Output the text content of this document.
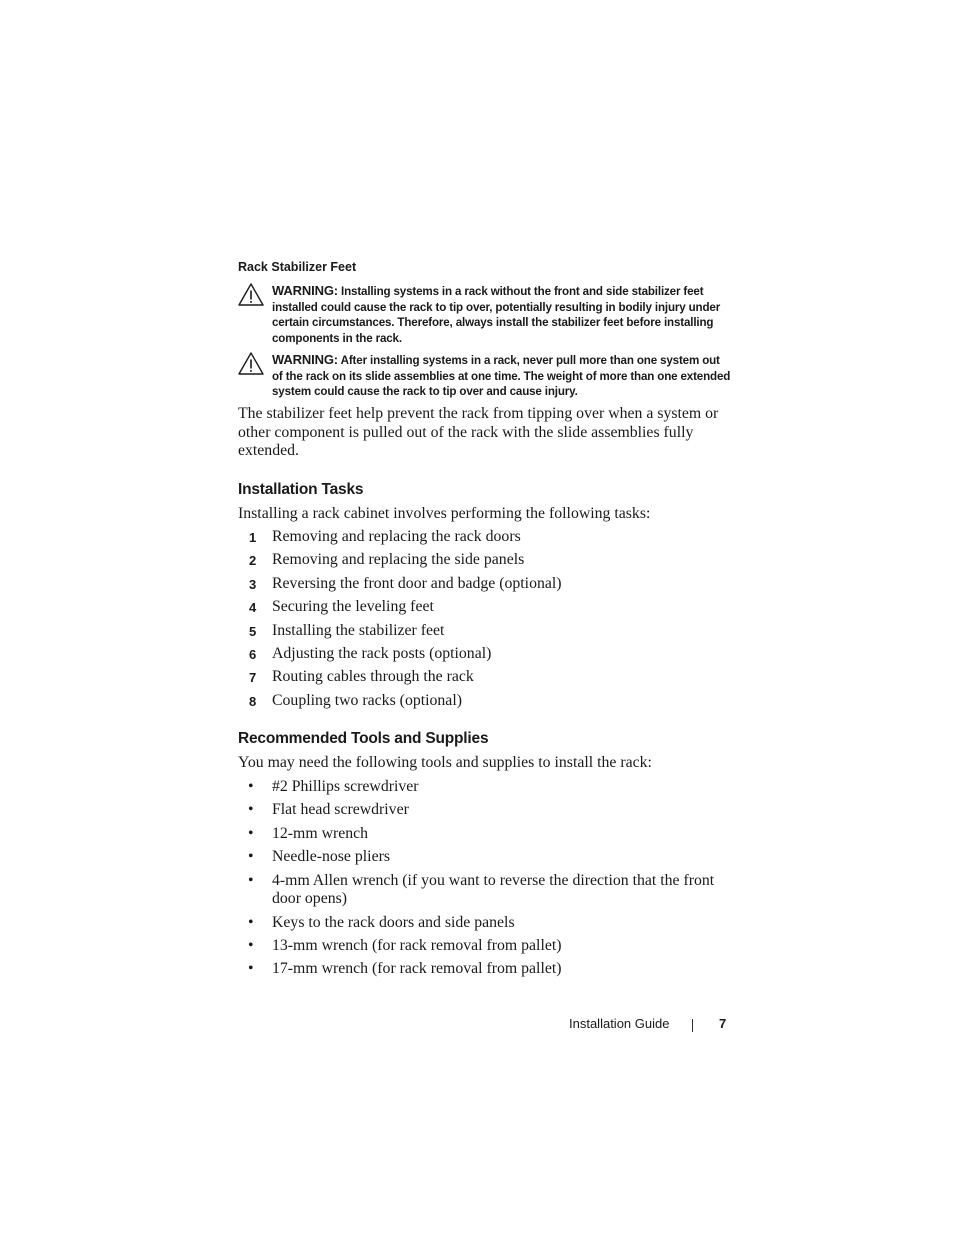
Rack Stabilizer Feet
WARNING: Installing systems in a rack without the front and side stabilizer feet installed could cause the rack to tip over, potentially resulting in bodily injury under certain circumstances. Therefore, always install the stabilizer feet before installing components in the rack.
WARNING: After installing systems in a rack, never pull more than one system out of the rack on its slide assemblies at one time. The weight of more than one extended system could cause the rack to tip over and cause injury.

The stabilizer feet help prevent the rack from tipping over when a system or other component is pulled out of the rack with the slide assemblies fully extended.

Installation Tasks

Installing a rack cabinet involves performing the following tasks:

1 Removing and replacing the rack doors
2 Removing and replacing the side panels
3 Reversing the front door and badge (optional)
4 Securing the leveling feet
5 Installing the stabilizer feet
6 Adjusting the rack posts (optional)
7 Routing cables through the rack
8 Coupling two racks (optional)
Recommended Tools and Supplies

You may need the following tools and supplies to install the rack:

• #2 Phillips screwdriver
• Flat head screwdriver
• 12-mm wrench
• Needle-nose pliers
• 4-mm Allen wrench (if you want to reverse the direction that the front door opens)
• Keys to the rack doors and side panels
• 13-mm wrench (for rack removal from pallet)
• 17-mm wrench (for rack removal from pallet)
Installation Guide	7
